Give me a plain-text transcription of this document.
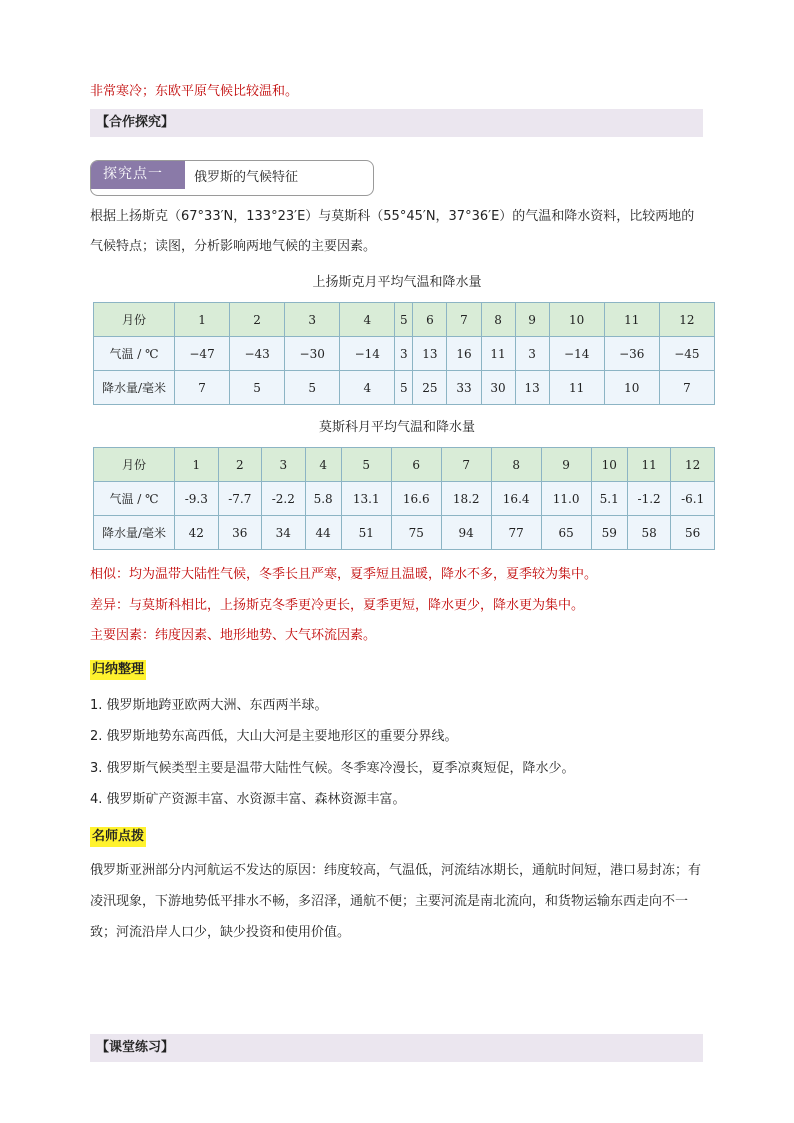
非常寒冷；东欧平原气候比较温和。
【合作探究】
探究点一	俄罗斯的气候特征
根据上扬斯克（67°33′N，133°23′E）与莫斯科（55°45′N，37°36′E）的气温和降水资料，比较两地的气候特点；读图，分析影响两地气候的主要因素。
上扬斯克月平均气温和降水量
月份	1	2	3	4	5	6	7	8	9	10	11	12
气温 / ℃	−47	−43	−30	−14	3	13	16	11	3	−14	−36	−45
降水量/毫米	7	5	5	4	5	25	33	30	13	11	10	7
莫斯科月平均气温和降水量
月份	1	2	3	4	5	6	7	8	9	10	11	12
气温 / ℃	-9.3	-7.7	-2.2	5.8	13.1	16.6	18.2	16.4	11.0	5.1	-1.2	-6.1
降水量/毫米	42	36	34	44	51	75	94	77	65	59	58	56
相似：均为温带大陆性气候，冬季长且严寒，夏季短且温暖，降水不多，夏季较为集中。
差异：与莫斯科相比，上扬斯克冬季更冷更长，夏季更短，降水更少，降水更为集中。
主要因素：纬度因素、地形地势、大气环流因素。
归纳整理
1. 俄罗斯地跨亚欧两大洲、东西两半球。
2. 俄罗斯地势东高西低，大山大河是主要地形区的重要分界线。
3. 俄罗斯气候类型主要是温带大陆性气候。冬季寒冷漫长，夏季凉爽短促，降水少。
4. 俄罗斯矿产资源丰富、水资源丰富、森林资源丰富。
名师点拨
俄罗斯亚洲部分内河航运不发达的原因：纬度较高，气温低，河流结冰期长，通航时间短，港口易封冻；有凌汛现象，下游地势低平排水不畅，多沼泽，通航不便；主要河流是南北流向，和货物运输东西走向不一致；河流沿岸人口少，缺少投资和使用价值。
【课堂练习】
